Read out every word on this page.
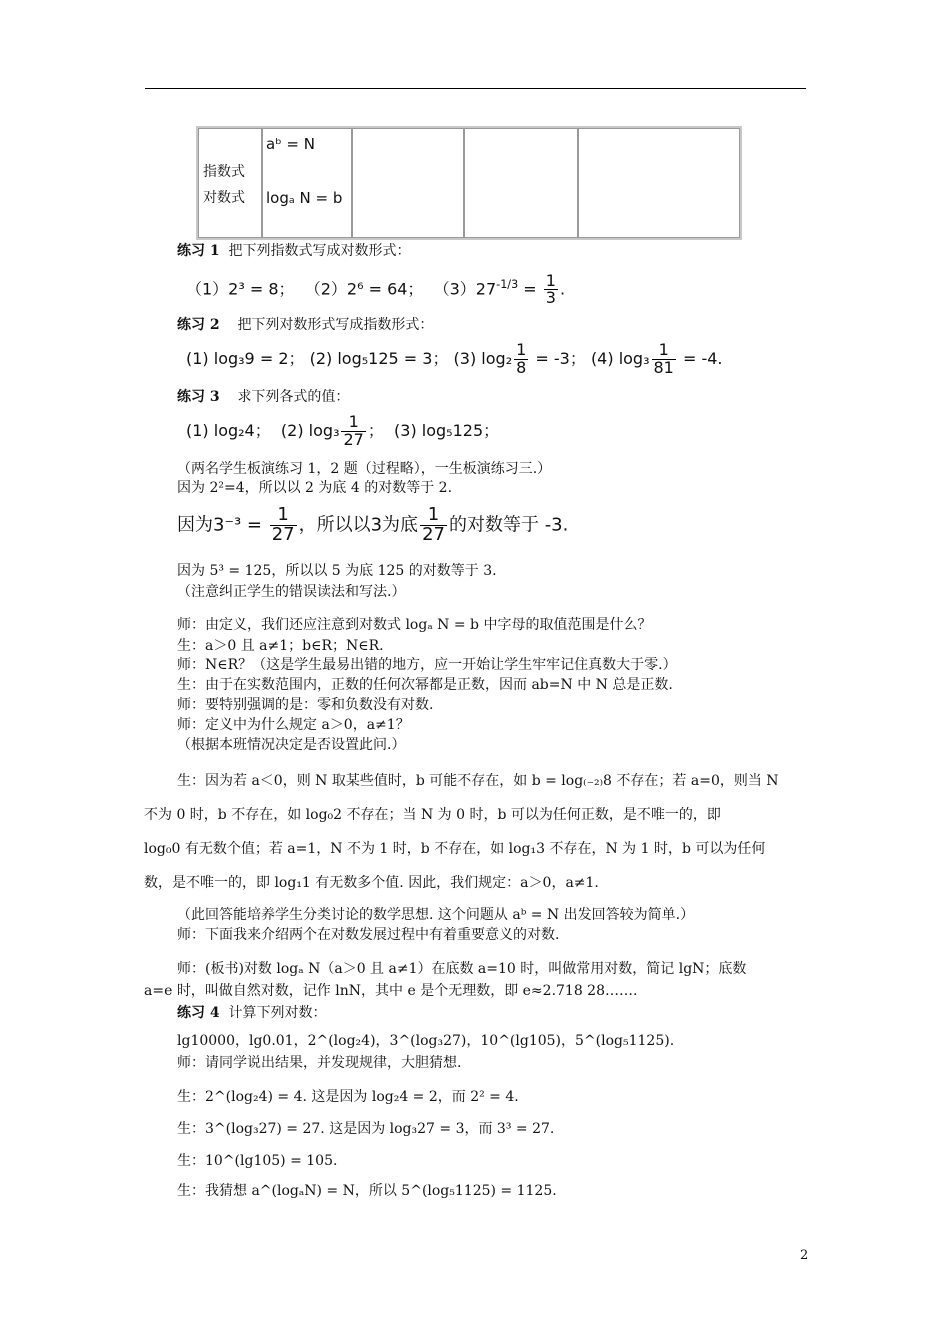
指数式
对数式
aᵇ = N
logₐ N = b
练习 1 把下列指数式写成对数形式：
（1）2³ = 8； （2）2⁶ = 64； $(3)27^{-1/3} = \frac{1}{3}$ .
练习 2 把下列对数形式写成指数形式：
(1) log₃9 = 2； (2) log₅125 = 3； (3) $\log_2 \frac{1}{8} = -3$； (4) $\log_3 \frac{1}{81} = -4$.
练习 3 求下列各式的值：
(1) log₂4； (2) $\log_3 \frac{1}{27}$ ； (3) log₅125；
（两名学生板演练习 1，2 题（过程略），一生板演练习三.）
因为 2²=4，所以以 2 为底 4 的对数等于 2.
因为$3^{-3} = \frac{1}{27}$ ，所以以3为底 $\frac{1}{27}$ 的对数等于 -3.
因为 5³ = 125，所以以 5 为底 125 的对数等于 3.
（注意纠正学生的错误读法和写法.）
师：由定义，我们还应注意到对数式 logₐ N = b 中字母的取值范围是什么？
生：a＞0 且 a≠1；b∈R；N∈R.
师：N∈R？（这是学生最易出错的地方，应一开始让学生牢牢记住真数大于零.）
生：由于在实数范围内，正数的任何次幂都是正数，因而 ab=N 中 N 总是正数.
师：要特别强调的是：零和负数没有对数.
师：定义中为什么规定 a＞0，a≠1？
（根据本班情况决定是否设置此问.）
生：因为若 a＜0，则 N 取某些值时，b 可能不存在，如 b = log₍₋₂₎8 不存在；若 a=0，则当 N
不为 0 时，b 不存在，如 log₀2 不存在；当 N 为 0 时，b 可以为任何正数，是不唯一的，即
log₀0 有无数个值；若 a=1，N 不为 1 时，b 不存在，如 log₁3 不存在，N 为 1 时，b 可以为任何
数，是不唯一的，即 log₁1 有无数多个值. 因此，我们规定：a＞0，a≠1.
（此回答能培养学生分类讨论的数学思想. 这个问题从 aᵇ = N 出发回答较为简单.）
师：下面我来介绍两个在对数发展过程中有着重要意义的对数.
师：(板书)对数 logₐ N（a＞0 且 a≠1）在底数 a=10 时，叫做常用对数，简记 lgN；底数
a=e 时，叫做自然对数，记作 lnN，其中 e 是个无理数，即 e≈2.718 28…….
练习 4 计算下列对数：
lg10000，lg0.01，2^(log₂4)，3^(log₃27)，10^(lg105)，5^(log₅1125).
师：请同学说出结果，并发现规律，大胆猜想.
生：2^(log₂4) = 4. 这是因为 log₂4 = 2，而 2² = 4.
生：3^(log₃27) = 27. 这是因为 log₃27 = 3，而 3³ = 27.
生：10^(lg105) = 105.
生：我猜想 a^(logₐN) = N，所以 5^(log₅1125) = 1125.
2
